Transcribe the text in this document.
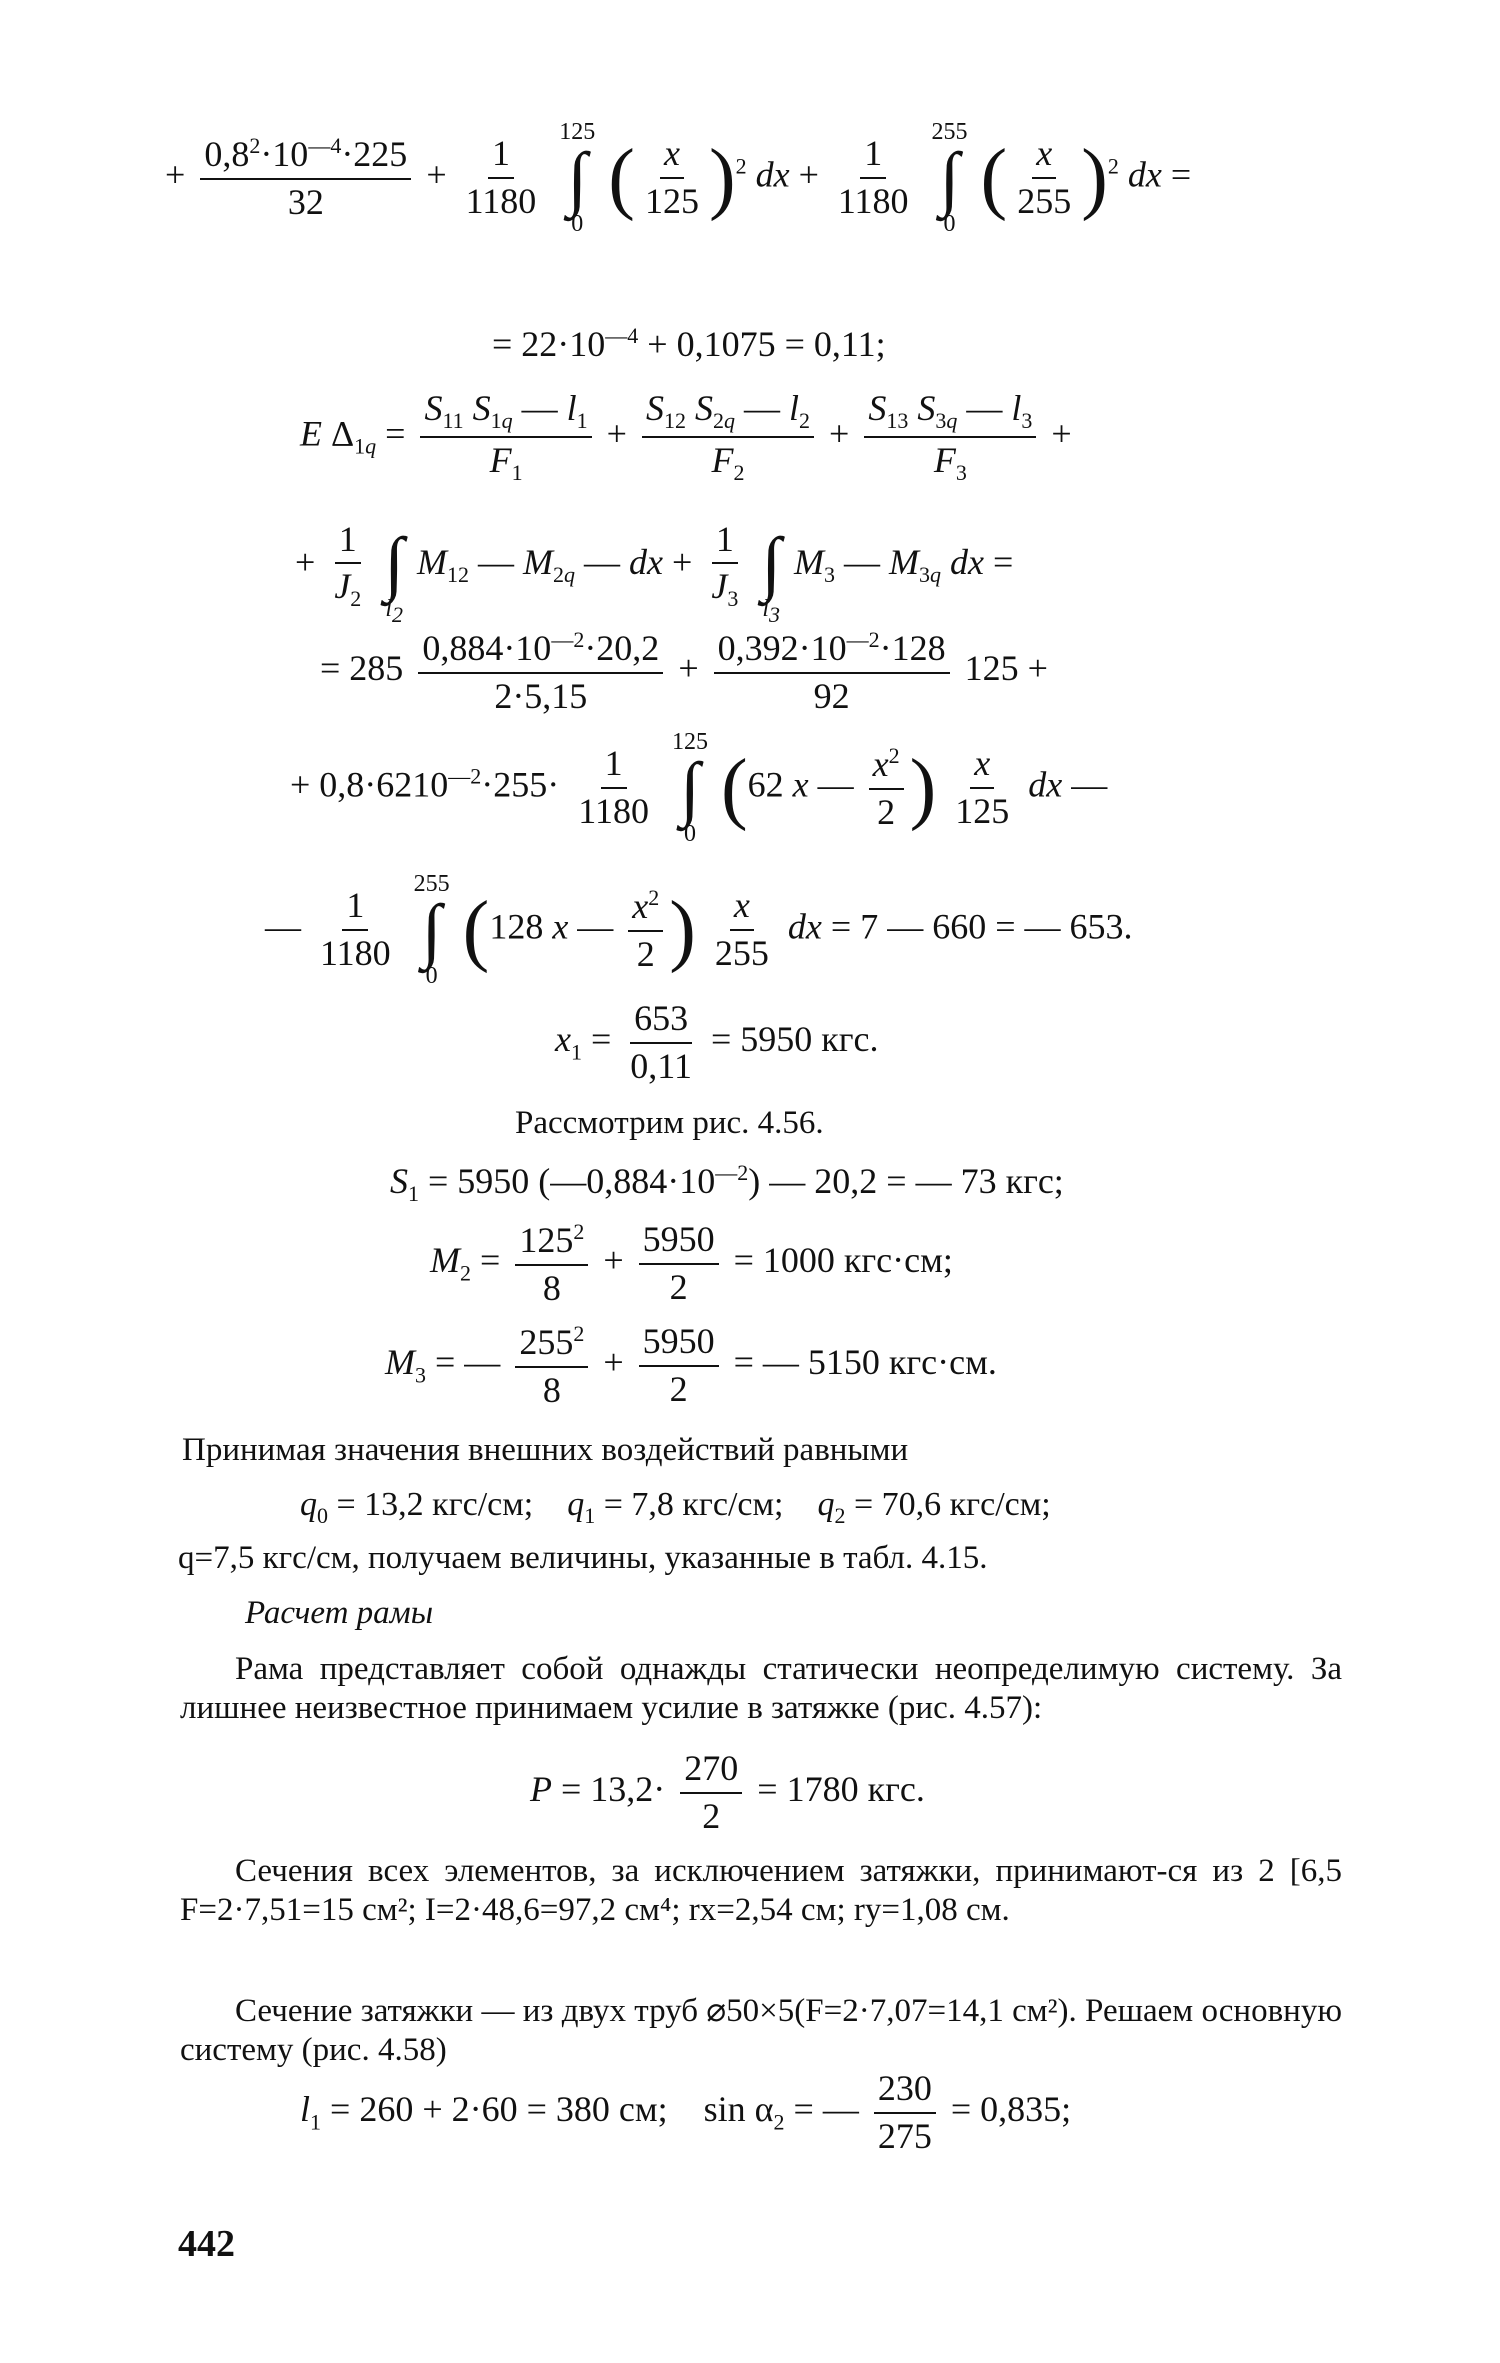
+ $\frac{0,8^2\cdot 10^{—4}\cdot 225}{32} + \frac{1}{1180}$

125
∫
0
( $\frac{x}{125} )^2$ dx + $\frac{1}{1180}$

255
∫
0
( $\frac{x}{255} )^2$ dx =
= $22\cdot 10^{—4} + 0,1075 = 0,11$;
E $\Delta_{1q} = \frac{S_{11} S_{1q} — l_1}{F_1} + \frac{S_{12} S_{2q} — l_2}{F_2} + \frac{S_{13} S_{3q} — l_3}{F_3}$ +
+ $\frac{1}{J_2}$

∫
$l_2$
$M_{12}$ — $M_{2q}$ — dx + $\frac{1}{J_3}$

∫
$l_3$
$M_3$ — $M_{3q}$ dx =
= $285 \frac{0,884\cdot 10^{—2}\cdot 20,2}{2\cdot 5,15} + \frac{0,392\cdot 10^{—2}\cdot 128}{92} 125$ +
+ $0,8\cdot 6210^{—2}\cdot 255\cdot \frac{1}{1180}$

125
∫
0
(62 x — $\frac{x^2}{2}$ ) $\frac{x}{125}$ dx —
— $\frac{1}{1180}$

255
∫
0
(128 x — $\frac{x^2}{2}$ ) $\frac{x}{255}$ dx = 7 — 660 = — 653.
$x_1 = \frac{653}{0,11} = 5950$ кгс.
Рассмотрим рис. 4.56.
$S_1 = 5950$ $(—0,884\cdot 10^{—2})$ — 20,2 = — 73 кгс;
$M_2 = \frac{125^2}{8} + \frac{5950}{2} = 1000$ кгс·см;
$M_3$ = — $\frac{255^2}{8} + \frac{5950}{2}$ = — 5150 кгс·см.
Принимая значения внешних воздействий равными
$q_0 = 13,2$ кгс/см;    $q_1 = 7,8$ кгс/см;    $q_2 = 70,6$ кгс/см;
q=7,5 кгс/см, получаем величины, указанные в табл. 4.15.
Расчет рамы
Рама представляет собой однажды статически неопределимую систему. За лишнее неизвестное принимаем усилие в затяжке (рис. 4.57):
$P = 13,2\cdot \frac{270}{2} = 1780$ кгс.
Сечения всех элементов, за исключением затяжки, принимают-ся из 2 [6,5 F=2·7,51=15 см²; I=2·48,6=97,2 см⁴; rx=2,54 см; ry=1,08 см.
Сечение затяжки — из двух труб ⌀50×5(F=2·7,07=14,1 см²). Решаем основную систему (рис. 4.58)
$l_1 = 260 + 2\cdot 60 = 380$ см;    $\sin \alpha_2$ = — $\frac{230}{275} = 0,835$;
442
